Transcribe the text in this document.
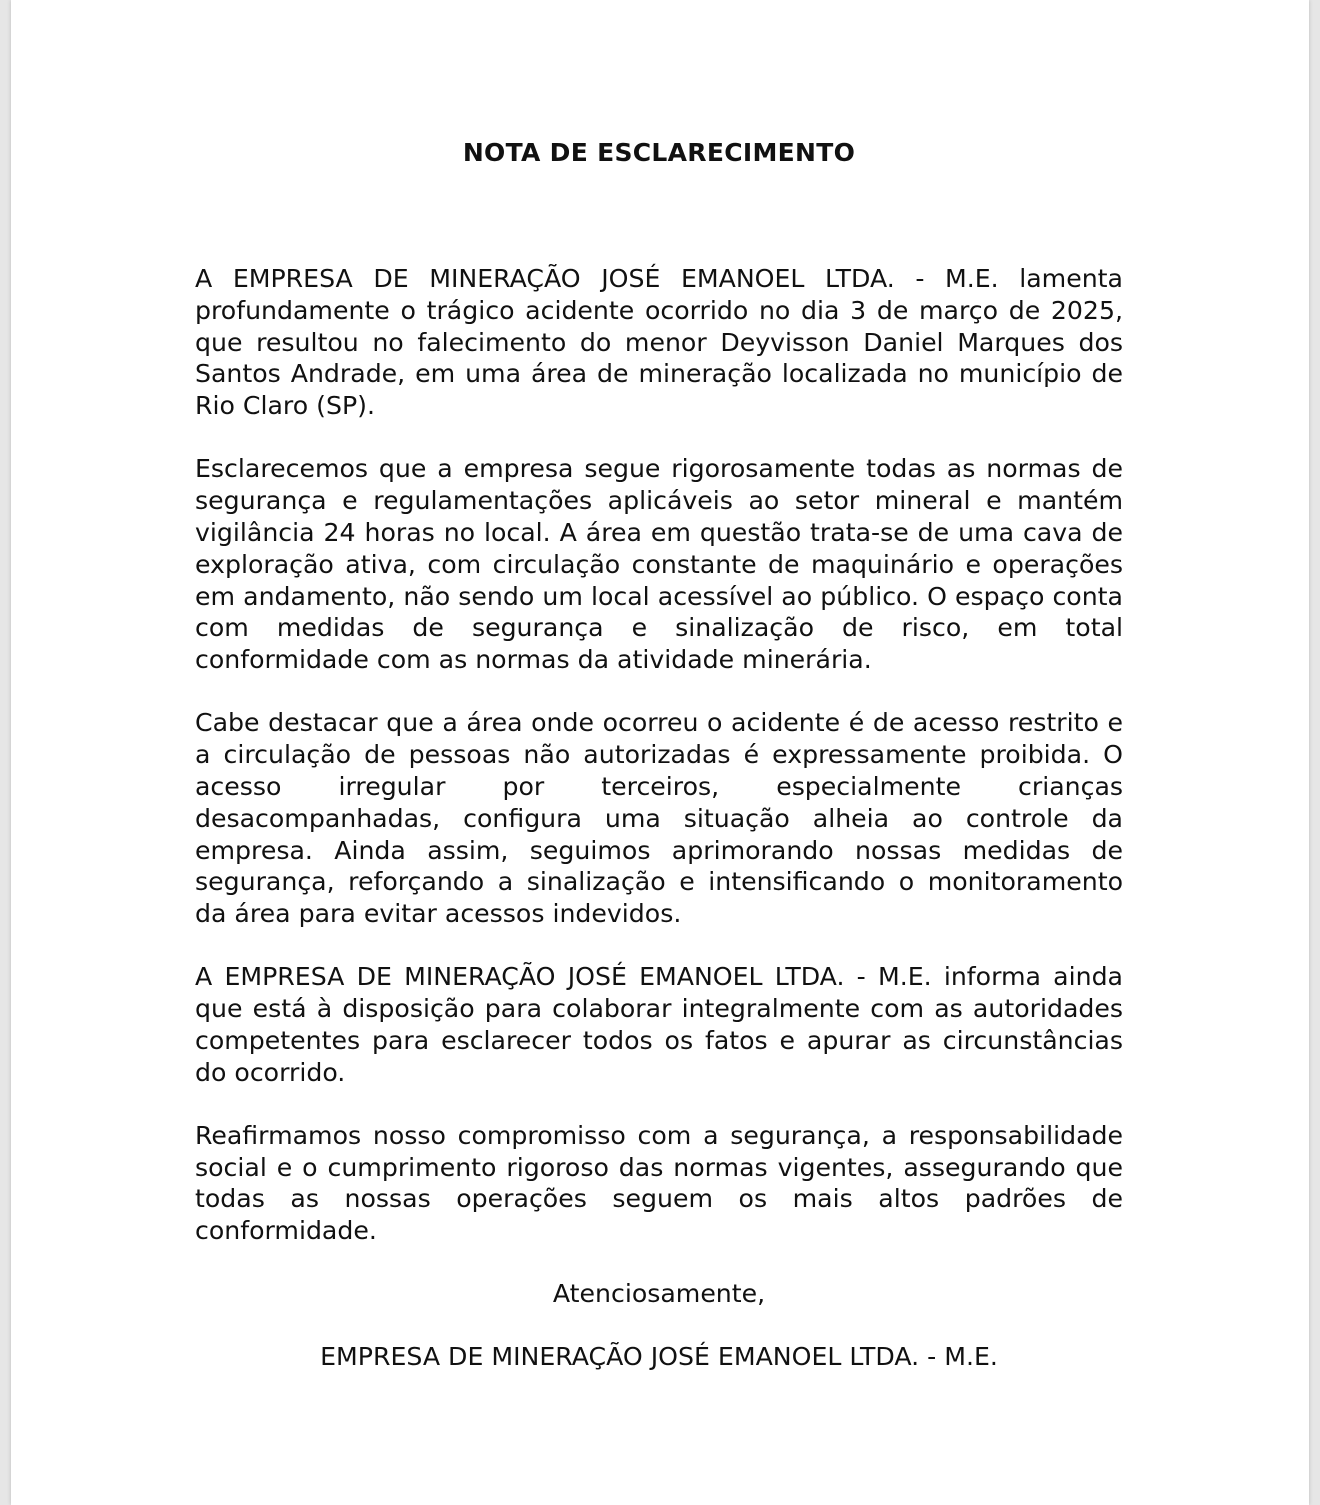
NOTA DE ESCLARECIMENTO

A EMPRESA DE MINERAÇÃO JOSÉ EMANOEL LTDA. - M.E. lamenta profundamente o trágico acidente ocorrido no dia 3 de março de 2025, que resultou no falecimento do menor Deyvisson Daniel Marques dos Santos Andrade, em uma área de mineração localizada no município de Rio Claro (SP).

Esclarecemos que a empresa segue rigorosamente todas as normas de segurança e regulamentações aplicáveis ao setor mineral e mantém vigilância 24 horas no local. A área em questão trata-se de uma cava de exploração ativa, com circulação constante de maquinário e operações em andamento, não sendo um local acessível ao público. O espaço conta com medidas de segurança e sinalização de risco, em total conformidade com as normas da atividade minerária.

Cabe destacar que a área onde ocorreu o acidente é de acesso restrito e a circulação de pessoas não autorizadas é expressamente proibida. O acesso irregular por terceiros, especialmente crianças desacompanhadas, configura uma situação alheia ao controle da empresa. Ainda assim, seguimos aprimorando nossas medidas de segurança, reforçando a sinalização e intensificando o monitoramento da área para evitar acessos indevidos.

A EMPRESA DE MINERAÇÃO JOSÉ EMANOEL LTDA. - M.E. informa ainda que está à disposição para colaborar integralmente com as autoridades competentes para esclarecer todos os fatos e apurar as circunstâncias do ocorrido.

Reafirmamos nosso compromisso com a segurança, a responsabilidade social e o cumprimento rigoroso das normas vigentes, assegurando que todas as nossas operações seguem os mais altos padrões de conformidade.

Atenciosamente,

EMPRESA DE MINERAÇÃO JOSÉ EMANOEL LTDA. - M.E.
